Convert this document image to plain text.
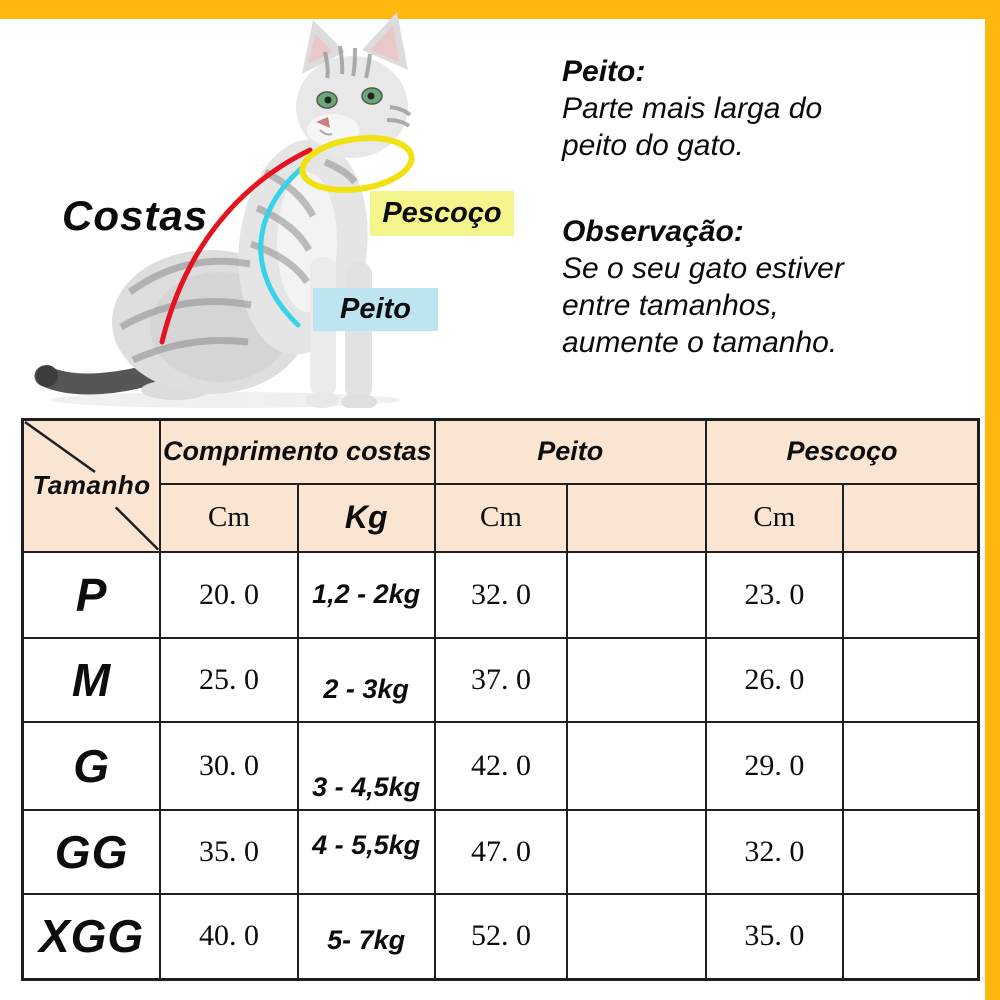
Costas	Pescoço
Peito
Peito:
Parte mais larga do
peito do gato.
Observação:
Se o seu gato estiver
entre tamanhos,
aumente o tamanho.
Tamanho	Comprimento costas		Peito		Pescoço	
	Cm	Kg	Cm		Cm	
P	20. 0	1,2 - 2kg	32. 0		23. 0	
M	25. 0	2 - 3kg	37. 0		26. 0	
G	30. 0	3 - 4,5kg	42. 0		29. 0	
GG	35. 0	4 - 5,5kg	47. 0		32. 0	
XGG	40. 0	5- 7kg	52. 0		35. 0	
